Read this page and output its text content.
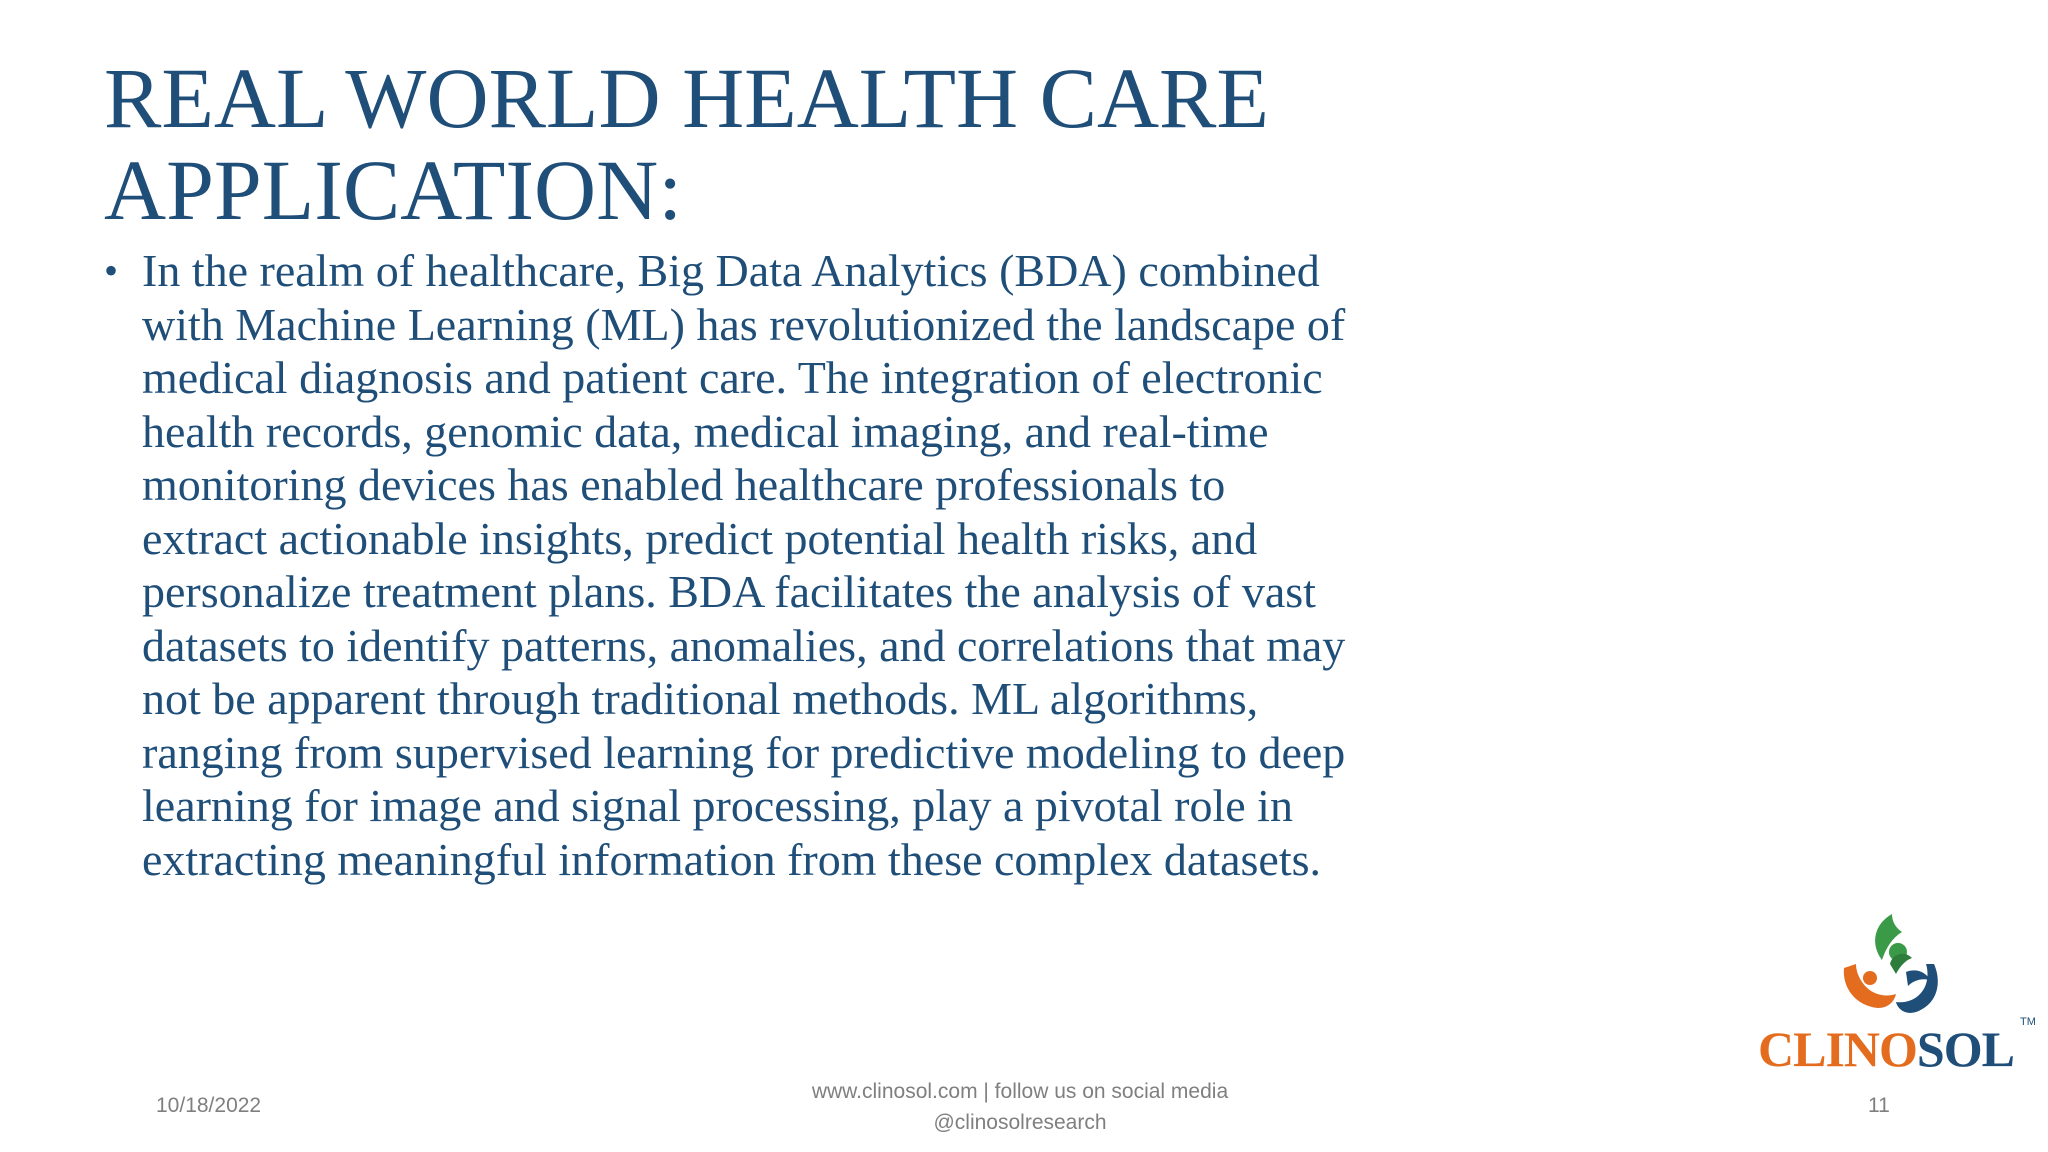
REAL WORLD HEALTH CARE
APPLICATION:
• In the realm of healthcare, Big Data Analytics (BDA) combined
with Machine Learning (ML) has revolutionized the landscape of
medical diagnosis and patient care. The integration of electronic
health records, genomic data, medical imaging, and real-time
monitoring devices has enabled healthcare professionals to
extract actionable insights, predict potential health risks, and
personalize treatment plans. BDA facilitates the analysis of vast
datasets to identify patterns, anomalies, and correlations that may
not be apparent through traditional methods. ML algorithms,
ranging from supervised learning for predictive modeling to deep
learning for image and signal processing, play a pivotal role in
extracting meaningful information from these complex datasets.
CLINOSOL TM
10/18/2022
www.clinosol.com | follow us on social media
@clinosolresearch
11
